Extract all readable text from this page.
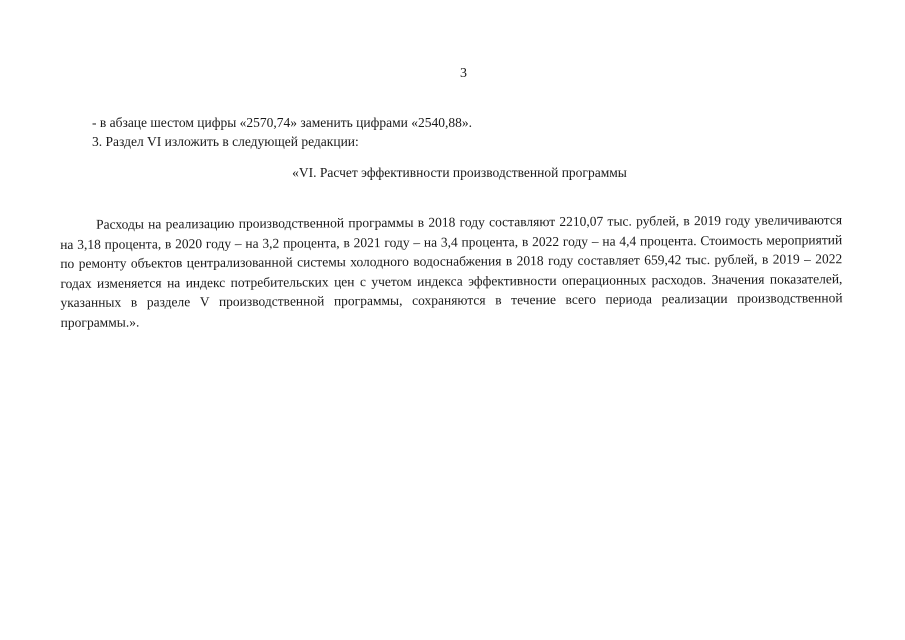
3
- в абзаце шестом цифры «2570,74» заменить цифрами «2540,88».
3. Раздел VI изложить в следующей редакции:
«VI. Расчет эффективности производственной программы

Расходы на реализацию производственной программы в 2018 году составляют 2210,07 тыс. рублей, в 2019 году увеличиваются на 3,18 процента, в 2020 году – на 3,2 процента, в 2021 году – на 3,4 процента, в 2022 году – на 4,4 процента. Стоимость мероприятий по ремонту объектов централизованной системы холодного водоснабжения в 2018 году составляет 659,42 тыс. рублей, в 2019 – 2022 годах изменяется на индекс потребительских цен с учетом индекса эффективности операционных расходов. Значения показателей, указанных в разделе V производственной программы, сохраняются в течение всего периода реализации производственной программы.».
